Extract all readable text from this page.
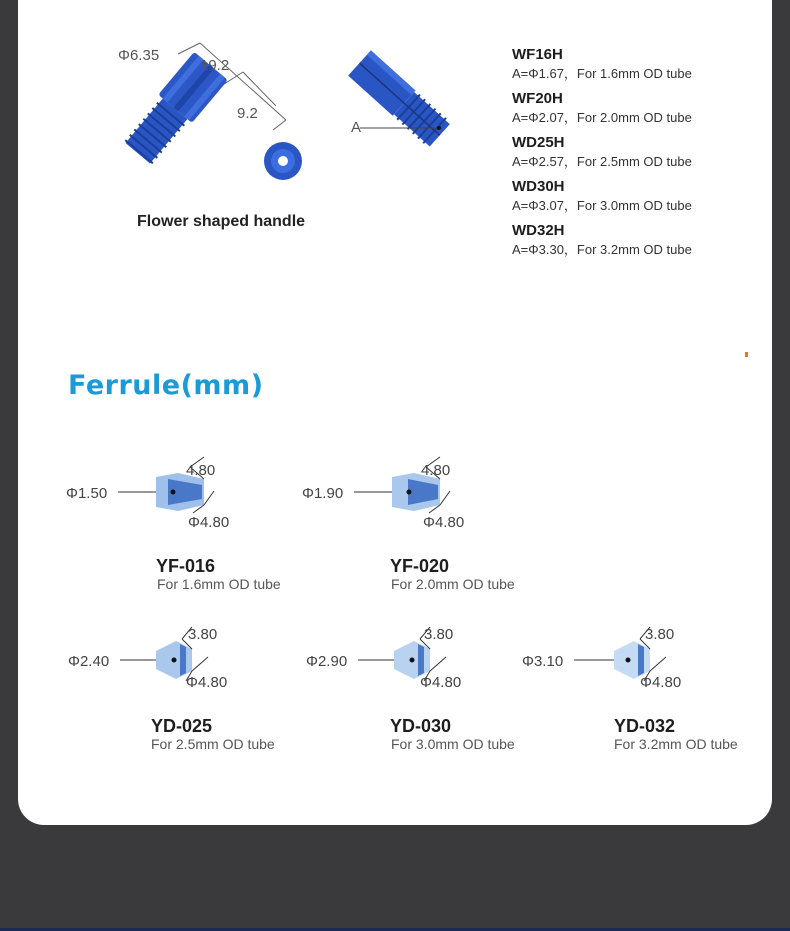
Φ6.35
19.2
9.2
Flower shaped handle
A
WF16H
A=Φ1.67，For 1.6mm OD tube
WF20H
A=Φ2.07，For 2.0mm OD tube
WD25H
A=Φ2.57，For 2.5mm OD tube
WD30H
A=Φ3.07，For 3.0mm OD tube
WD32H
A=Φ3.30，For 3.2mm OD tube
Ferrule(mm)
Φ1.50
4.80
Φ4.80
YF-016
For 1.6mm OD tube
Φ1.90
4.80
Φ4.80
YF-020
For 2.0mm OD tube
Φ2.40
3.80
Φ4.80
YD-025
For 2.5mm OD tube
Φ2.90
3.80
Φ4.80
YD-030
For 3.0mm OD tube
Φ3.10
3.80
Φ4.80
YD-032
For 3.2mm OD tube
